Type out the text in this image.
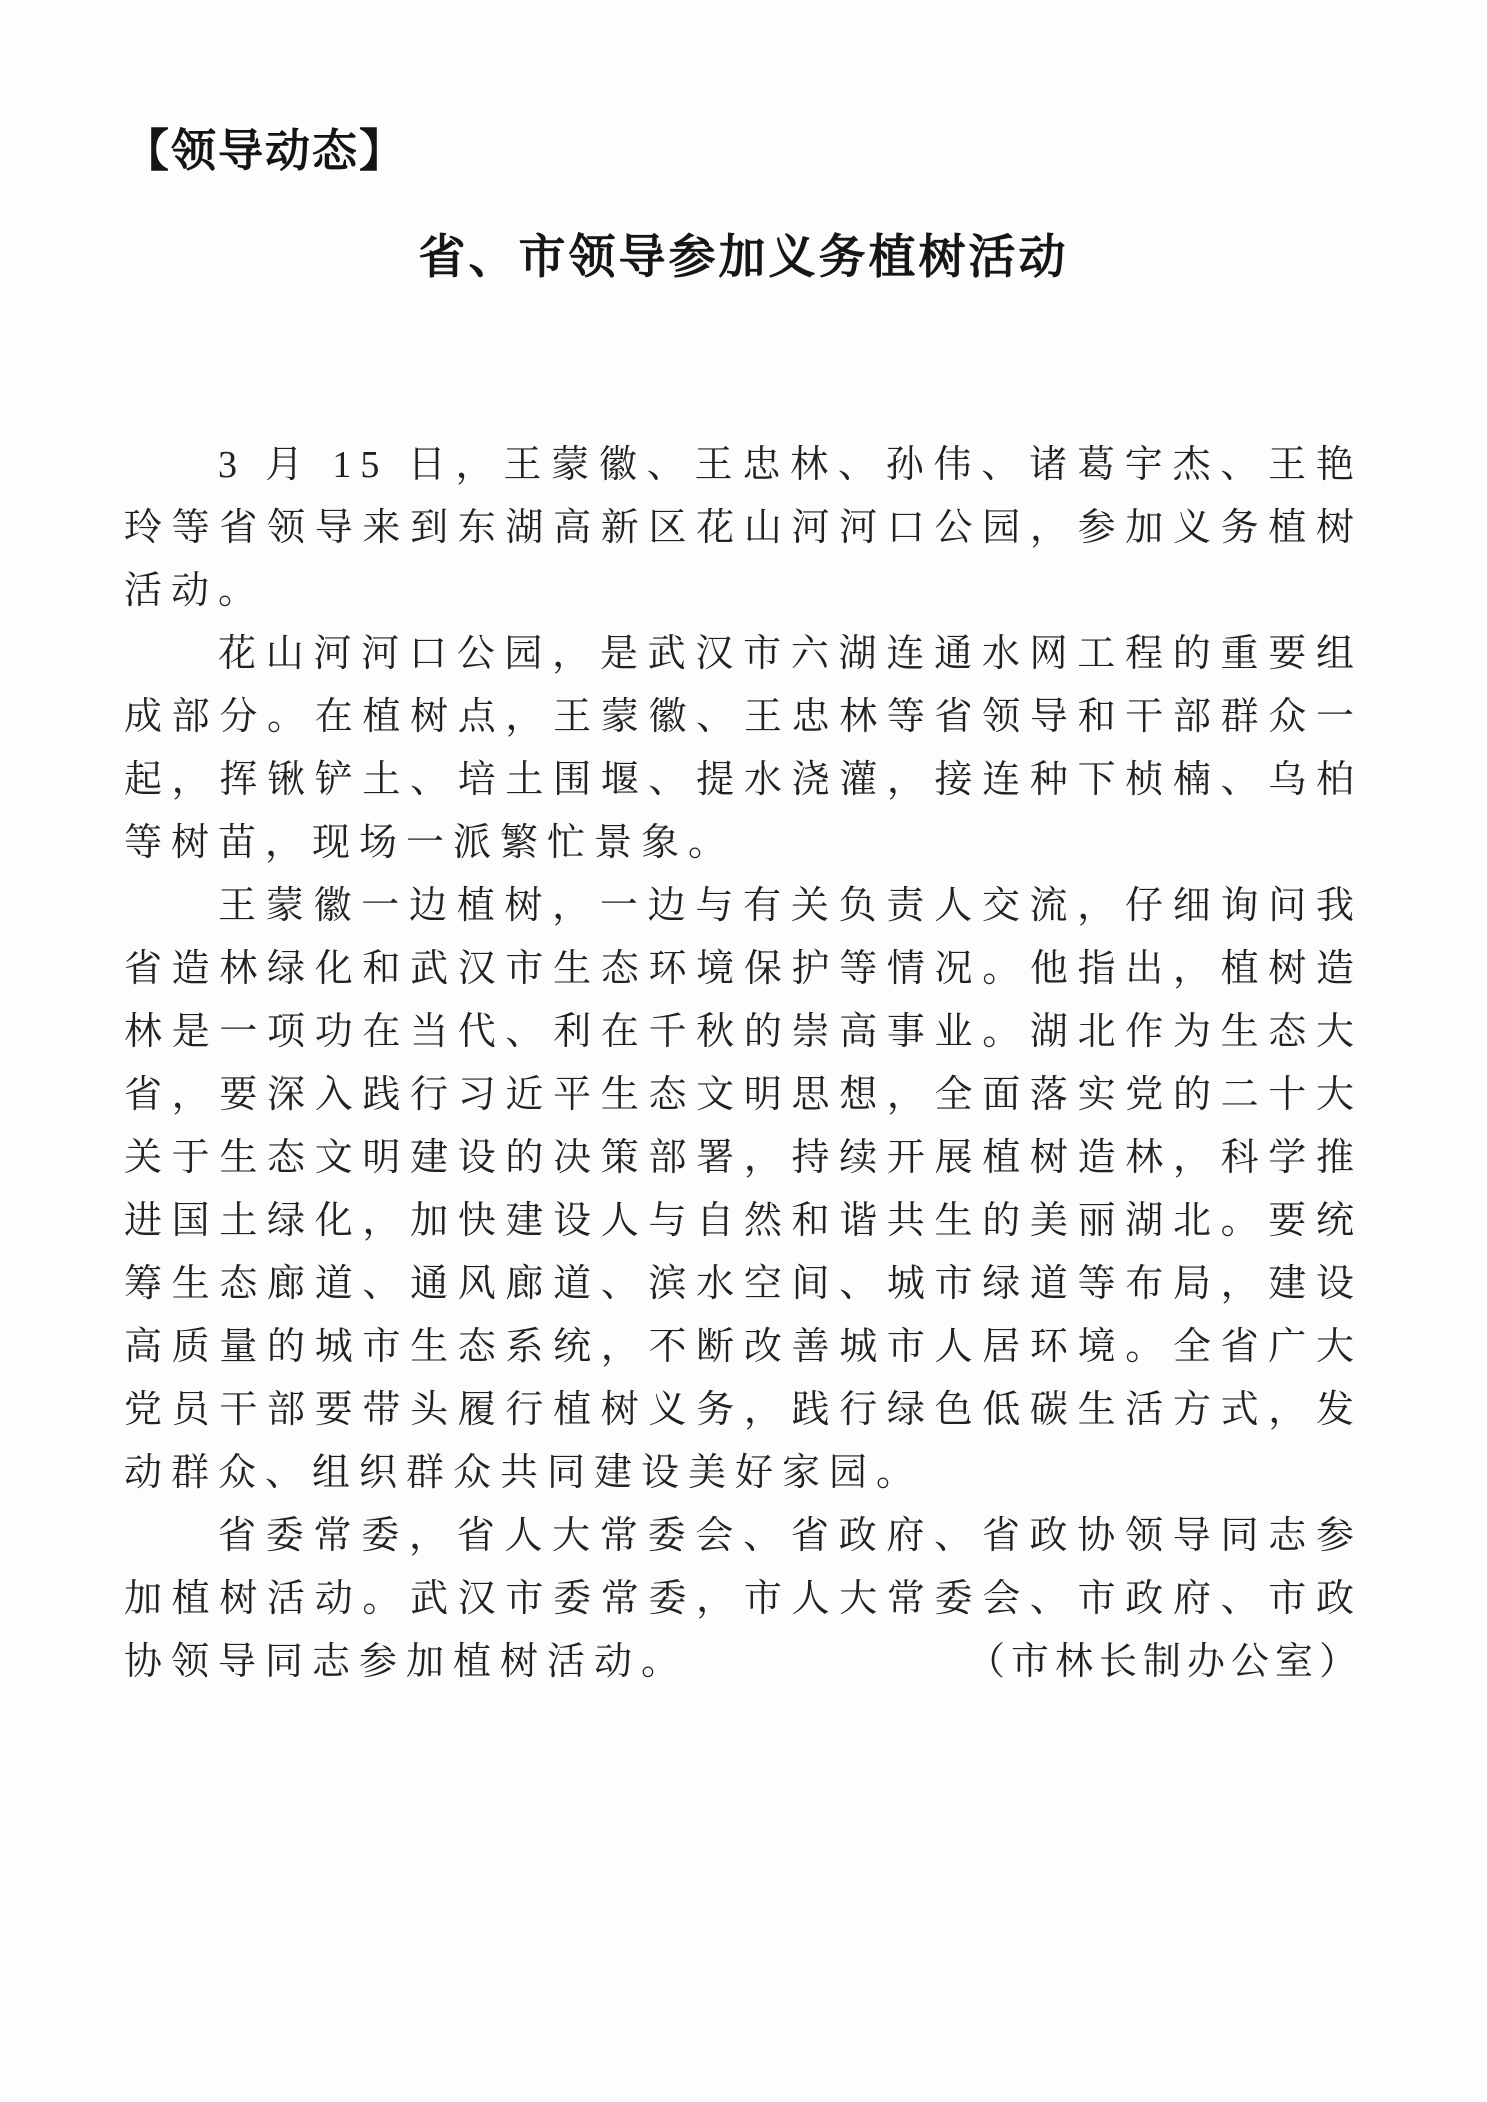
【领导动态】
省、市领导参加义务植树活动

3 月 15 日，王蒙徽、王忠林、孙伟、诸葛宇杰、王艳玲等省领导来到东湖高新区花山河河口公园，参加义务植树活动。

花山河河口公园，是武汉市六湖连通水网工程的重要组成部分。在植树点，王蒙徽、王忠林等省领导和干部群众一起，挥锹铲土、培土围堰、提水浇灌，接连种下桢楠、乌柏等树苗，现场一派繁忙景象。

王蒙徽一边植树，一边与有关负责人交流，仔细询问我省造林绿化和武汉市生态环境保护等情况。他指出，植树造林是一项功在当代、利在千秋的崇高事业。湖北作为生态大省，要深入践行习近平生态文明思想，全面落实党的二十大关于生态文明建设的决策部署，持续开展植树造林，科学推进国土绿化，加快建设人与自然和谐共生的美丽湖北。要统筹生态廊道、通风廊道、滨水空间、城市绿道等布局，建设高质量的城市生态系统，不断改善城市人居环境。全省广大党员干部要带头履行植树义务，践行绿色低碳生活方式，发动群众、组织群众共同建设美好家园。

省委常委，省人大常委会、省政府、省政协领导同志参加植树活动。武汉市委常委，市人大常委会、市政府、市政协领导同志参加植树活动。	（市林长制办公室）
